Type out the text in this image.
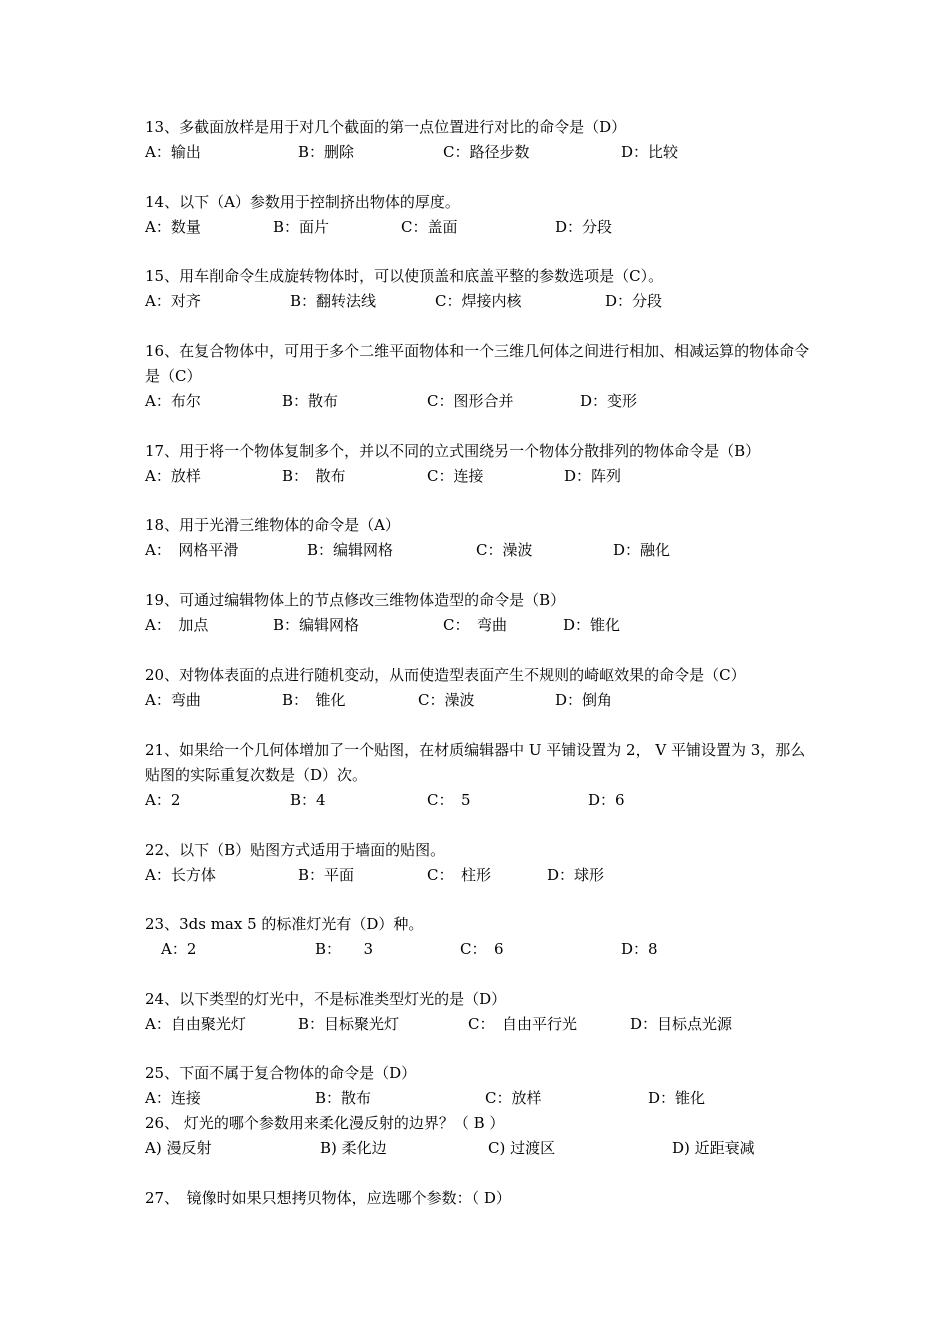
13、多截面放样是用于对几个截面的第一点位置进行对比的命令是（D）
A：输出	B：删除	C：路径步数	D：比较
14、以下（A）参数用于控制挤出物体的厚度。
A：数量	B：面片	C：盖面	D：分段
15、用车削命令生成旋转物体时，可以使顶盖和底盖平整的参数选项是（C）。
A：对齐	B：翻转法线	C：焊接内核	D：分段
16、在复合物体中，可用于多个二维平面物体和一个三维几何体之间进行相加、相减运算的物体命令是（C）
A：布尔	B：散布	C：图形合并	D：变形
17、用于将一个物体复制多个，并以不同的立式围绕另一个物体分散排列的物体命令是（B）
A：放样	B：　散布	C：连接	D：阵列
18、用于光滑三维物体的命令是（A）
A：　网格平滑	B：编辑网格	C：澡波	D：融化
19、可通过编辑物体上的节点修改三维物体造型的命令是（B）
A：　加点	B：编辑网格	C：　弯曲	D：锥化
20、对物体表面的点进行随机变动，从而使造型表面产生不规则的崎岖效果的命令是（C）
A：弯曲	B：　锥化	C：澡波	D：倒角
21、如果给一个几何体增加了一个贴图，在材质编辑器中 U 平铺设置为 2， V 平铺设置为 3，那么贴图的实际重复次数是（D）次。
A：2	B：4	C：　5	D：6
22、以下（B）贴图方式适用于墙面的贴图。
A：长方体	B：平面	C：　柱形	D：球形
23、3ds max 5 的标准灯光有（D）种。
A：2	B：　　3	C：　6	D：8
24、以下类型的灯光中，不是标准类型灯光的是（D）
A：自由聚光灯	B：目标聚光灯	C：　自由平行光	D：目标点光源
25、下面不属于复合物体的命令是（D）
A：连接	B：散布	C：放样	D：锥化
26、 灯光的哪个参数用来柔化漫反射的边界？（ B ）
A) 漫反射	B) 柔化边	C) 过渡区	D) 近距衰减
27、　镜像时如果只想拷贝物体，应选哪个参数：（ D）
